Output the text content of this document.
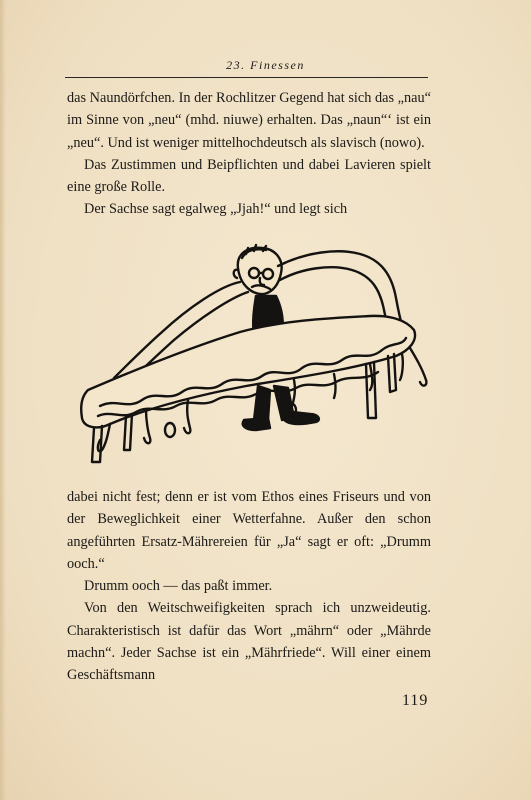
23. Finessen

das Naundörfchen. In der Rochlitzer Gegend hat sich das „nau“ im Sinne von „neu“ (mhd. niuwe) erhalten. Das „naun“‘ ist ein „neu“. Und ist weniger mittelhochdeutsch als slavisch (nowo).

Das Zustimmen und Beipflichten und dabei Lavieren spielt eine große Rolle.

Der Sachse sagt egalweg „Jjah!“ und legt sich

dabei nicht fest; denn er ist vom Ethos eines Friseurs und von der Beweglichkeit einer Wetterfahne. Außer den schon angeführten Ersatz-Mährereien für „Ja“ sagt er oft: „Drumm ooch.“

Drumm ooch — das paßt immer.

Von den Weitschweifigkeiten sprach ich unzweideutig. Charakteristisch ist dafür das Wort „mährn“ oder „Mährde machn“. Jeder Sachse ist ein „Mährfriede“. Will einer einem Geschäftsmann

119
